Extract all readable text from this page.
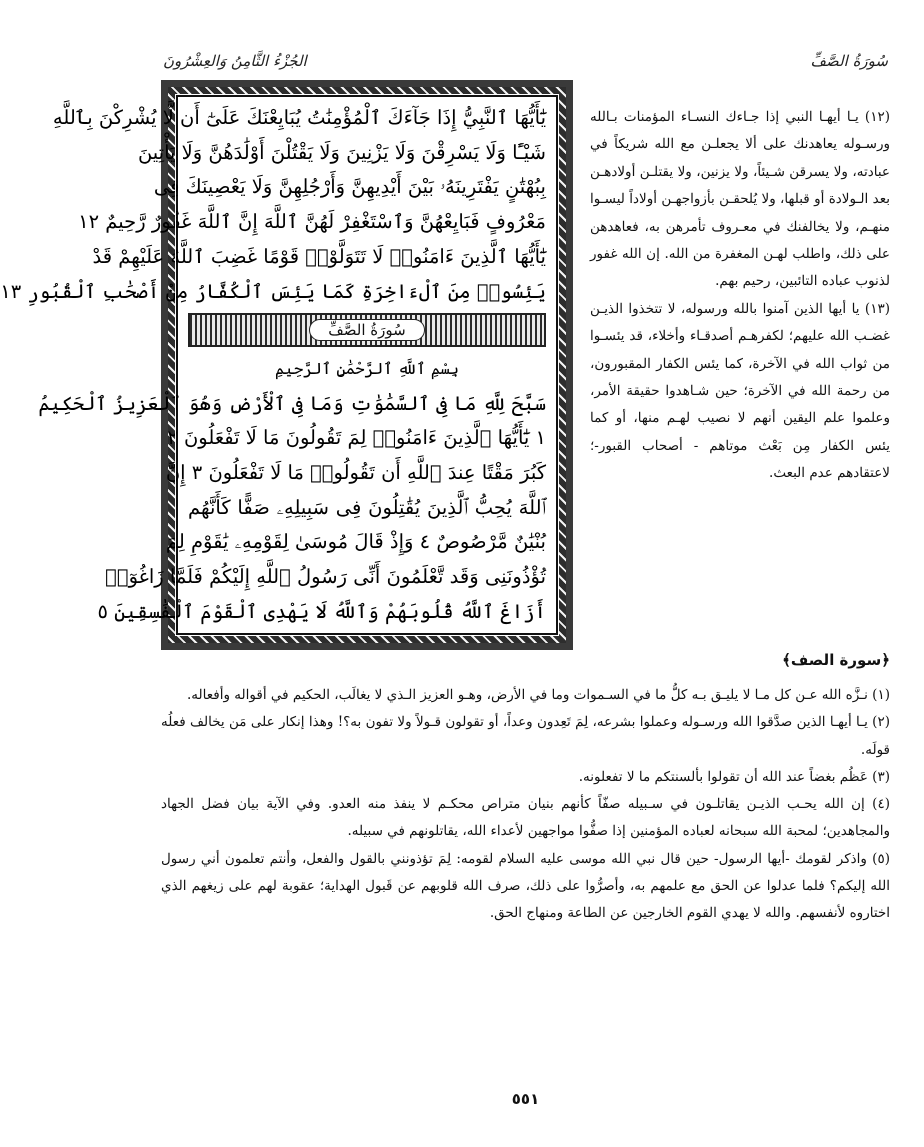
سُورَةُ الصَّفِّ
الجُزْءُ الثَّامِنُ وَالعِشْرُونَ
يَٰٓأَيُّهَا ٱلنَّبِيُّ إِذَا جَآءَكَ ٱلْمُؤْمِنَٰتُ يُبَايِعْنَكَ عَلَىٰٓ أَن لَّا يُشْرِكْنَ بِٱللَّهِ
شَيْـًٔا وَلَا يَسْرِقْنَ وَلَا يَزْنِينَ وَلَا يَقْتُلْنَ أَوْلَٰدَهُنَّ وَلَا يَأْتِينَ
بِبُهْتَٰنٍ يَفْتَرِينَهُۥ بَيْنَ أَيْدِيهِنَّ وَأَرْجُلِهِنَّ وَلَا يَعْصِينَكَ فِى
مَعْرُوفٍ فَبَايِعْهُنَّ وَٱسْتَغْفِرْ لَهُنَّ ٱللَّهَ إِنَّ ٱللَّهَ غَفُورٌ رَّحِيمٌ ١٢
يَٰٓأَيُّهَا ٱلَّذِينَ ءَامَنُوا۟ لَا تَتَوَلَّوْا۟ قَوْمًا غَضِبَ ٱللَّهُ عَلَيْهِمْ قَدْ
يَئِسُوا۟ مِنَ ٱلْءَاخِرَةِ كَمَا يَئِسَ ٱلْكُفَّارُ مِنْ أَصْحَٰبِ ٱلْقُبُورِ ١٣
سُورَةُ الصَّفِّ
بِسْمِ ٱللَّهِ ٱلرَّحْمَٰنِ ٱلرَّحِيمِ
سَبَّحَ لِلَّهِ مَا فِى ٱلسَّمَٰوَٰتِ وَمَا فِى ٱلْأَرْضِ وَهُوَ ٱلْعَزِيزُ ٱلْحَكِيمُ
١ يَٰٓأَيُّهَا ٱلَّذِينَ ءَامَنُوا۟ لِمَ تَقُولُونَ مَا لَا تَفْعَلُونَ ٢
كَبُرَ مَقْتًا عِندَ ٱللَّهِ أَن تَقُولُوا۟ مَا لَا تَفْعَلُونَ ٣ إِنَّ
ٱللَّهَ يُحِبُّ ٱلَّذِينَ يُقَٰتِلُونَ فِى سَبِيلِهِۦ صَفًّا كَأَنَّهُم
بُنْيَٰنٌ مَّرْصُوصٌ ٤ وَإِذْ قَالَ مُوسَىٰ لِقَوْمِهِۦ يَٰقَوْمِ لِمَ
تُؤْذُونَنِى وَقَد تَّعْلَمُونَ أَنِّى رَسُولُ ٱللَّهِ إِلَيْكُمْ فَلَمَّا زَاغُوٓا۟
أَزَاغَ ٱللَّهُ قُلُوبَهُمْ وَٱللَّهُ لَا يَهْدِى ٱلْقَوْمَ ٱلْفَٰسِقِينَ ٥

(١٢) يـا أيهـا النبي إذا جـاءك النسـاء المؤمنات بـالله ورسـوله يعاهدنك على ألا يجعلـن مع الله شريكاً في عبادته، ولا يسرقن شـيئاً، ولا يزنين، ولا يقتلـن أولادهـن بعد الـولادة أو قبلها، ولا يُلحقـن بأزواجهـن أولاداً ليسـوا منهـم، ولا يخالفنك في معـروف تأمرهن به، فعاهدهن على ذلك، واطلب لهـن المغفرة من الله. إن الله غفور لذنوب عباده التائبين، رحيم بهم.

(١٣) يا أيها الذين آمنوا بالله ورسوله، لا تتخذوا الذيـن غضـب الله عليهم؛ لكفرهـم أصدقـاء وأخلاء، قد يئسـوا من ثواب الله في الآخرة، كما يئس الكفار المقبورون، من رحمة الله في الآخرة؛ حين شـاهدوا حقيقة الأمر، وعلموا علم اليقين أنهم لا نصيب لهـم منها، أو كما يئس الكفار مِن بَعْث موتاهم - أصحاب القبور-؛ لاعتقادهم عدم البعث.

﴿سورة الصف﴾

(١) نـزَّه الله عـن كل مـا لا يليـق بـه كلُّ ما في السـموات وما في الأرض، وهـو العزيز الـذي لا يغالَب، الحكيم في أقواله وأفعاله.

(٢) يـا أيهـا الذين صدَّقوا الله ورسـوله وعملوا بشرعه، لِمَ تَعِدون وعداً، أو تقولون قـولاً ولا تفون به؟! وهذا إنكار على مَن يخالف فعلُه قولَه.

(٣) عَظُم بغضاً عند الله أن تقولوا بألسنتكم ما لا تفعلونه.

(٤) إن الله يحـب الذيـن يقاتلـون في سـبيله صفّاً كأنهم بنيان متراص محكـم لا ينفذ منه العدو. وفي الآية بيان فضل الجهاد والمجاهدين؛ لمحبة الله سبحانه لعباده المؤمنين إذا صفُّوا مواجهين لأعداء الله، يقاتلونهم في سبيله.

(٥) واذكر لقومك -أيها الرسول- حين قال نبي الله موسى عليه السلام لقومه: لِمَ تؤذونني بالقول والفعل، وأنتم تعلمون أني رسول الله إليكم؟ فلما عدلوا عن الحق مع علمهم به، وأصرُّوا على ذلك، صرف الله قلوبهم عن قَبول الهداية؛ عقوبة لهم على زيغهم الذي اختاروه لأنفسهم. والله لا يهدي القوم الخارجين عن الطاعة ومنهاج الحق.

٥٥١
